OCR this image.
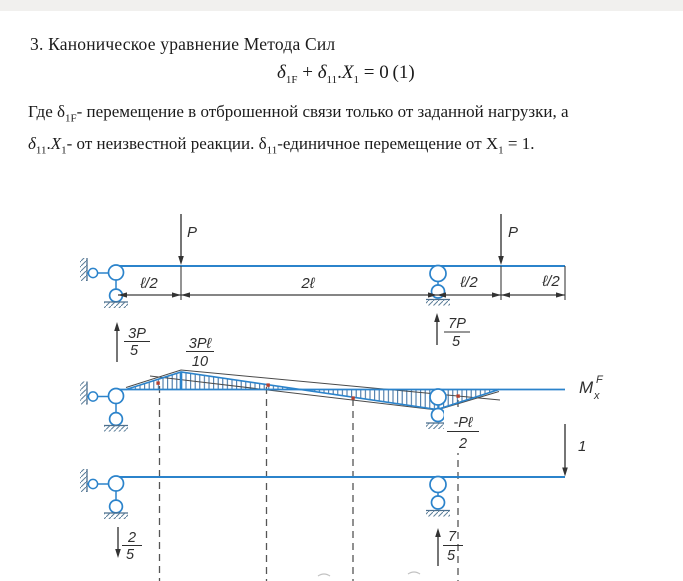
3. Каноническое уравнение Метода Сил
$\delta_{1F} + \delta_{11}.X_1 = 0$  (1)
Где $\delta_{1F}-$ перемещение в отброшенной связи только от заданной нагрузки, а
$\delta_{11}.X_1-$ от неизвестной реакции. $\delta_{11}$-единичное перемещение от $X_1 = 1$.
P	P
ℓ/2	2ℓ	ℓ/2	ℓ/2
3P
5	3Pℓ
10
7P
5
-Pℓ
2
M F
x
1
2
5
7
5
